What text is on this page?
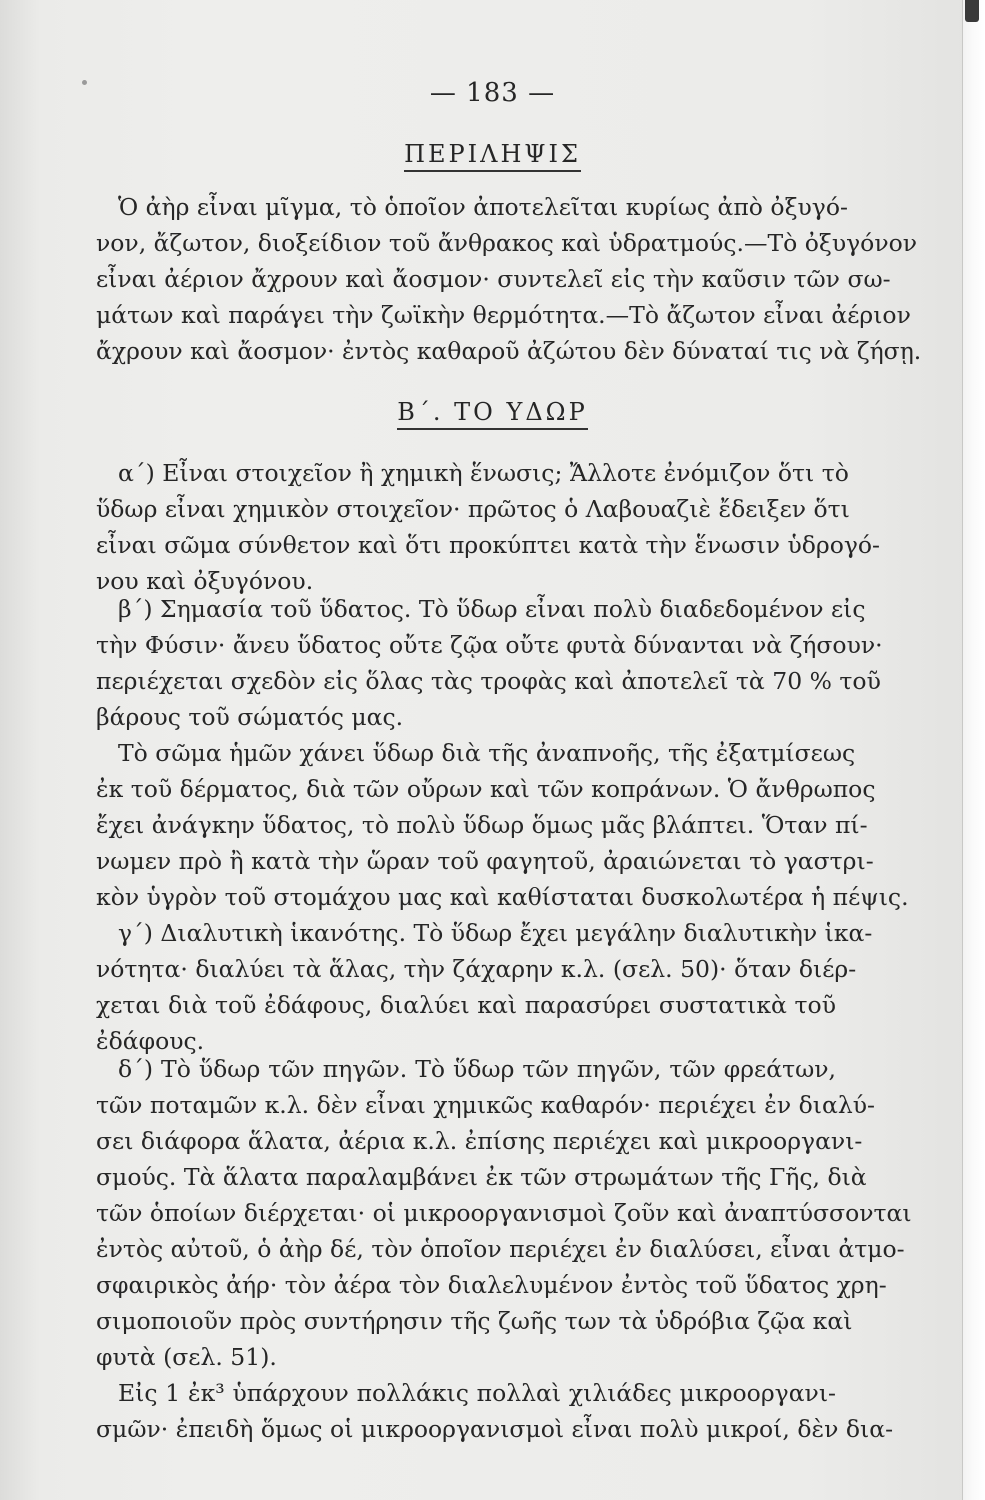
— 183 —
ΠΕΡΙΛΗΨΙΣ
Ὁ ἀὴρ εἶναι μῖγμα, τὸ ὁποῖον ἀποτελεῖται κυρίως ἀπὸ ὀξυγό-
νον, ἄζωτον, διοξείδιον τοῦ ἄνθρακος καὶ ὑδρατμούς.—Τὸ ὀξυγόνον
εἶναι ἀέριον ἄχρουν καὶ ἄοσμον· συντελεῖ εἰς τὴν καῦσιν τῶν σω-
μάτων καὶ παράγει τὴν ζωϊκὴν θερμότητα.—Τὸ ἄζωτον εἶναι ἀέριον
ἄχρουν καὶ ἄοσμον· ἐντὸς καθαροῦ ἀζώτου δὲν δύναταί τις νὰ ζήσῃ.
Β΄. ΤΟ ΥΔΩΡ
α΄) Εἶναι στοιχεῖον ἢ χημικὴ ἕνωσις; Ἄλλοτε ἐνόμιζον ὅτι τὸ
ὕδωρ εἶναι χημικὸν στοιχεῖον· πρῶτος ὁ Λαβουαζιὲ ἔδειξεν ὅτι
εἶναι σῶμα σύνθετον καὶ ὅτι προκύπτει κατὰ τὴν ἕνωσιν ὑδρογό-
νου καὶ ὀξυγόνου.
β΄) Σημασία τοῦ ὕδατος. Τὸ ὕδωρ εἶναι πολὺ διαδεδομένον εἰς
τὴν Φύσιν· ἄνευ ὕδατος οὔτε ζῷα οὔτε φυτὰ δύνανται νὰ ζήσουν·
περιέχεται σχεδὸν εἰς ὅλας τὰς τροφὰς καὶ ἀποτελεῖ τὰ 70 % τοῦ
βάρους τοῦ σώματός μας.
Τὸ σῶμα ἡμῶν χάνει ὕδωρ διὰ τῆς ἀναπνοῆς, τῆς ἐξατμίσεως
ἐκ τοῦ δέρματος, διὰ τῶν οὔρων καὶ τῶν κοπράνων. Ὁ ἄνθρωπος
ἔχει ἀνάγκην ὕδατος, τὸ πολὺ ὕδωρ ὅμως μᾶς βλάπτει. Ὅταν πί-
νωμεν πρὸ ἢ κατὰ τὴν ὥραν τοῦ φαγητοῦ, ἀραιώνεται τὸ γαστρι-
κὸν ὑγρὸν τοῦ στομάχου μας καὶ καθίσταται δυσκολωτέρα ἡ πέψις.
γ΄) Διαλυτικὴ ἱκανότης. Τὸ ὕδωρ ἔχει μεγάλην διαλυτικὴν ἱκα-
νότητα· διαλύει τὰ ἅλας, τὴν ζάχαρην κ.λ. (σελ. 50)· ὅταν διέρ-
χεται διὰ τοῦ ἐδάφους, διαλύει καὶ παρασύρει συστατικὰ τοῦ
ἐδάφους.
δ΄) Τὸ ὕδωρ τῶν πηγῶν. Τὸ ὕδωρ τῶν πηγῶν, τῶν φρεάτων,
τῶν ποταμῶν κ.λ. δὲν εἶναι χημικῶς καθαρόν· περιέχει ἐν διαλύ-
σει διάφορα ἅλατα, ἀέρια κ.λ. ἐπίσης περιέχει καὶ μικροοργανι-
σμούς. Τὰ ἅλατα παραλαμβάνει ἐκ τῶν στρωμάτων τῆς Γῆς, διὰ
τῶν ὁποίων διέρχεται· οἱ μικροοργανισμοὶ ζοῦν καὶ ἀναπτύσσονται
ἐντὸς αὐτοῦ, ὁ ἀὴρ δέ, τὸν ὁποῖον περιέχει ἐν διαλύσει, εἶναι ἀτμο-
σφαιρικὸς ἀήρ· τὸν ἀέρα τὸν διαλελυμένον ἐντὸς τοῦ ὕδατος χρη-
σιμοποιοῦν πρὸς συντήρησιν τῆς ζωῆς των τὰ ὑδρόβια ζῷα καὶ
φυτὰ (σελ. 51).
Εἰς 1 ἐκ³ ὑπάρχουν πολλάκις πολλαὶ χιλιάδες μικροοργανι-
σμῶν· ἐπειδὴ ὅμως οἱ μικροοργανισμοὶ εἶναι πολὺ μικροί, δὲν δια-
